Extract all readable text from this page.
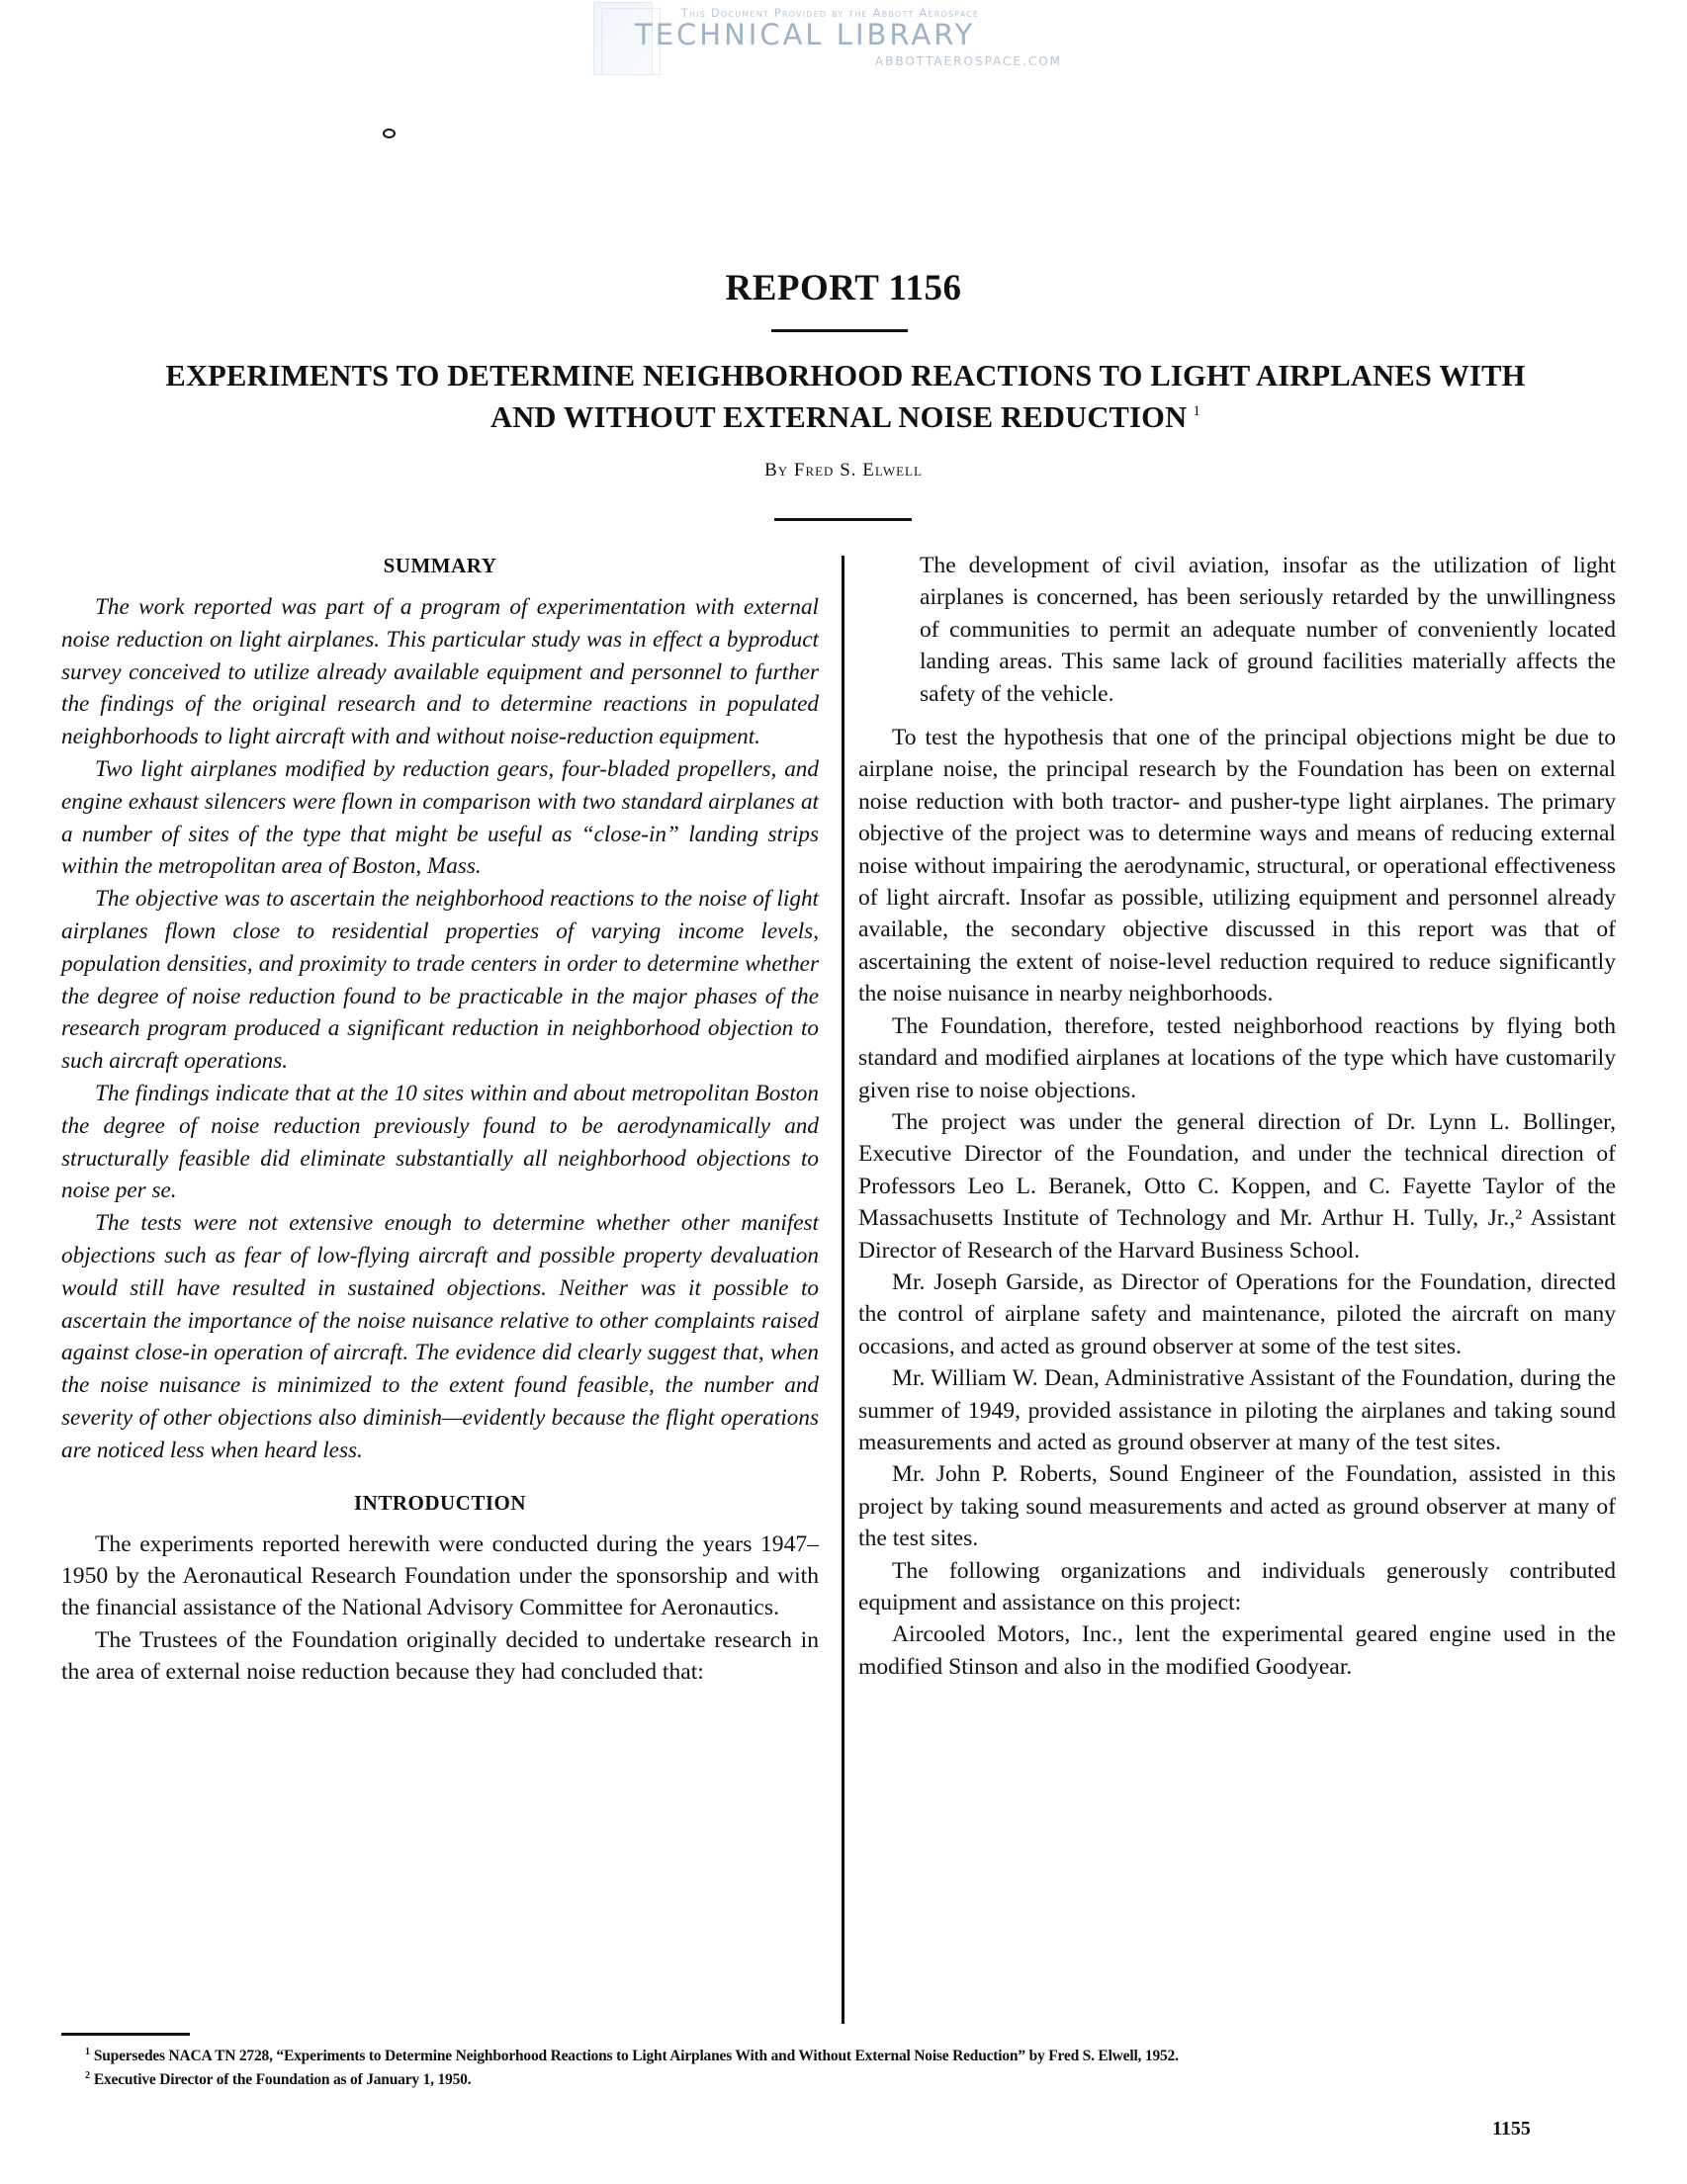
This Document Provided by the Abbott Aerospace
TECHNICAL LIBRARY
ABBOTTAEROSPACE.COM
REPORT 1156
EXPERIMENTS TO DETERMINE NEIGHBORHOOD REACTIONS TO LIGHT AIRPLANES WITH
AND WITHOUT EXTERNAL NOISE REDUCTION $^1$
By Fred S. Elwell
SUMMARY

The work reported was part of a program of experimentation with external noise reduction on light airplanes. This particular study was in effect a byproduct survey conceived to utilize already available equipment and personnel to further the findings of the original research and to determine reactions in populated neighborhoods to light aircraft with and without noise-reduction equipment.

Two light airplanes modified by reduction gears, four-bladed propellers, and engine exhaust silencers were flown in comparison with two standard airplanes at a number of sites of the type that might be useful as “close-in” landing strips within the metropolitan area of Boston, Mass.

The objective was to ascertain the neighborhood reactions to the noise of light airplanes flown close to residential properties of varying income levels, population densities, and proximity to trade centers in order to determine whether the degree of noise reduction found to be practicable in the major phases of the research program produced a significant reduction in neighborhood objection to such aircraft operations.

The findings indicate that at the 10 sites within and about metropolitan Boston the degree of noise reduction previously found to be aerodynamically and structurally feasible did eliminate substantially all neighborhood objections to noise per se.

The tests were not extensive enough to determine whether other manifest objections such as fear of low-flying aircraft and possible property devaluation would still have resulted in sustained objections. Neither was it possible to ascertain the importance of the noise nuisance relative to other complaints raised against close-in operation of aircraft. The evidence did clearly suggest that, when the noise nuisance is minimized to the extent found feasible, the number and severity of other objections also diminish—evidently because the flight operations are noticed less when heard less.

INTRODUCTION

The experiments reported herewith were conducted during the years 1947–1950 by the Aeronautical Research Foundation under the sponsorship and with the financial assistance of the National Advisory Committee for Aeronautics.

The Trustees of the Foundation originally decided to undertake research in the area of external noise reduction because they had concluded that:

The development of civil aviation, insofar as the utilization of light airplanes is concerned, has been seriously retarded by the unwillingness of communities to permit an adequate number of conveniently located landing areas. This same lack of ground facilities materially affects the safety of the vehicle.

To test the hypothesis that one of the principal objections might be due to airplane noise, the principal research by the Foundation has been on external noise reduction with both tractor- and pusher-type light airplanes. The primary objective of the project was to determine ways and means of reducing external noise without impairing the aerodynamic, structural, or operational effectiveness of light aircraft. Insofar as possible, utilizing equipment and personnel already available, the secondary objective discussed in this report was that of ascertaining the extent of noise-level reduction required to reduce significantly the noise nuisance in nearby neighborhoods.

The Foundation, therefore, tested neighborhood reactions by flying both standard and modified airplanes at locations of the type which have customarily given rise to noise objections.

The project was under the general direction of Dr. Lynn L. Bollinger, Executive Director of the Foundation, and under the technical direction of Professors Leo L. Beranek, Otto C. Koppen, and C. Fayette Taylor of the Massachusetts Institute of Technology and Mr. Arthur H. Tully, Jr.,² Assistant Director of Research of the Harvard Business School.

Mr. Joseph Garside, as Director of Operations for the Foundation, directed the control of airplane safety and maintenance, piloted the aircraft on many occasions, and acted as ground observer at some of the test sites.

Mr. William W. Dean, Administrative Assistant of the Foundation, during the summer of 1949, provided assistance in piloting the airplanes and taking sound measurements and acted as ground observer at many of the test sites.

Mr. John P. Roberts, Sound Engineer of the Foundation, assisted in this project by taking sound measurements and acted as ground observer at many of the test sites.

The following organizations and individuals generously contributed equipment and assistance on this project:

Aircooled Motors, Inc., lent the experimental geared engine used in the modified Stinson and also in the modified Goodyear.

$^1$ Supersedes NACA TN 2728, “Experiments to Determine Neighborhood Reactions to Light Airplanes With and Without External Noise Reduction” by Fred S. Elwell, 1952.
$^2$ Executive Director of the Foundation as of January 1, 1950.
1155
